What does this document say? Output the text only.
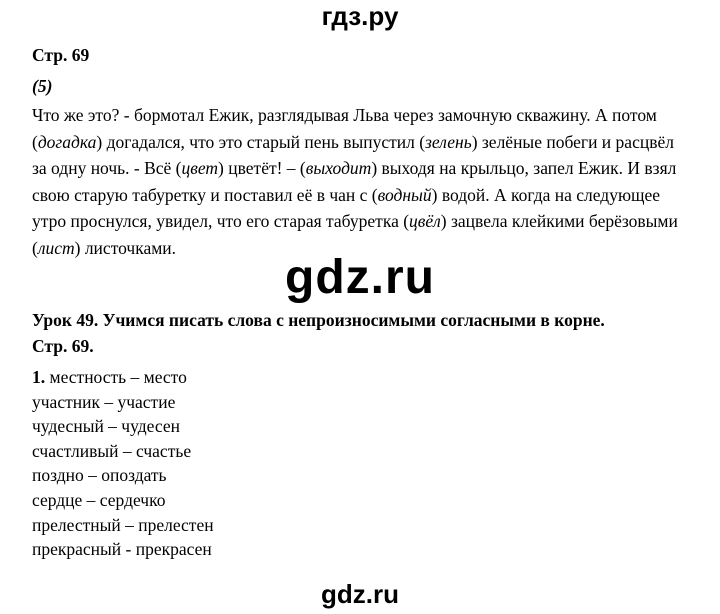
гдз.ру
Стр. 69
(5)
Что же это? - бормотал Ежик, разглядывая Льва через замочную скважину. А потом (догадка) догадался, что это старый пень выпустил (зелень) зелёные побеги и расцвёл за одну ночь. - Всё (цвет) цветёт! – (выходит) выходя на крыльцо, запел Ежик. И взял свою старую табуретку и поставил её в чан с (водный) водой. А когда на следующее утро проснулся, увидел, что его старая табуретка (цвёл) зацвела клейкими берёзовыми (лист) листочками.
gdz.ru
Урок 49. Учимся писать слова с непроизносимыми согласными в корне.
Стр. 69.
1. местность – место
участник – участие
чудесный – чудесен
счастливый – счастье
поздно – опоздать
сердце – сердечко
прелестный – прелестен
прекрасный - прекрасен
gdz.ru
